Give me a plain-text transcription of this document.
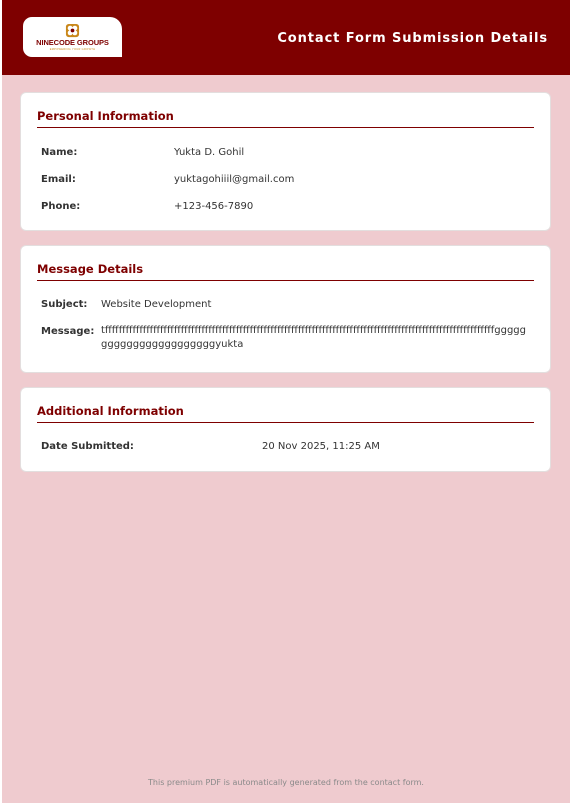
NINECODE GROUPS
EMPOWERING YOUR GROWTH
Contact Form Submission Details
Personal Information
Name:	Yukta D. Gohil
Email:	yuktagohiiil@gmail.com
Phone:	+123-456-7890
Message Details
Subject: Website Development
Message: tfffffffffffffffffffffffffffffffffffffffffffffffffffffffffffffffffffffffffffffffffffffffffffffffffffffffffffffffffgggggggggggggggggggggggyukta
Additional Information
Date Submitted:	20 Nov 2025, 11:25 AM
This premium PDF is automatically generated from the contact form.
